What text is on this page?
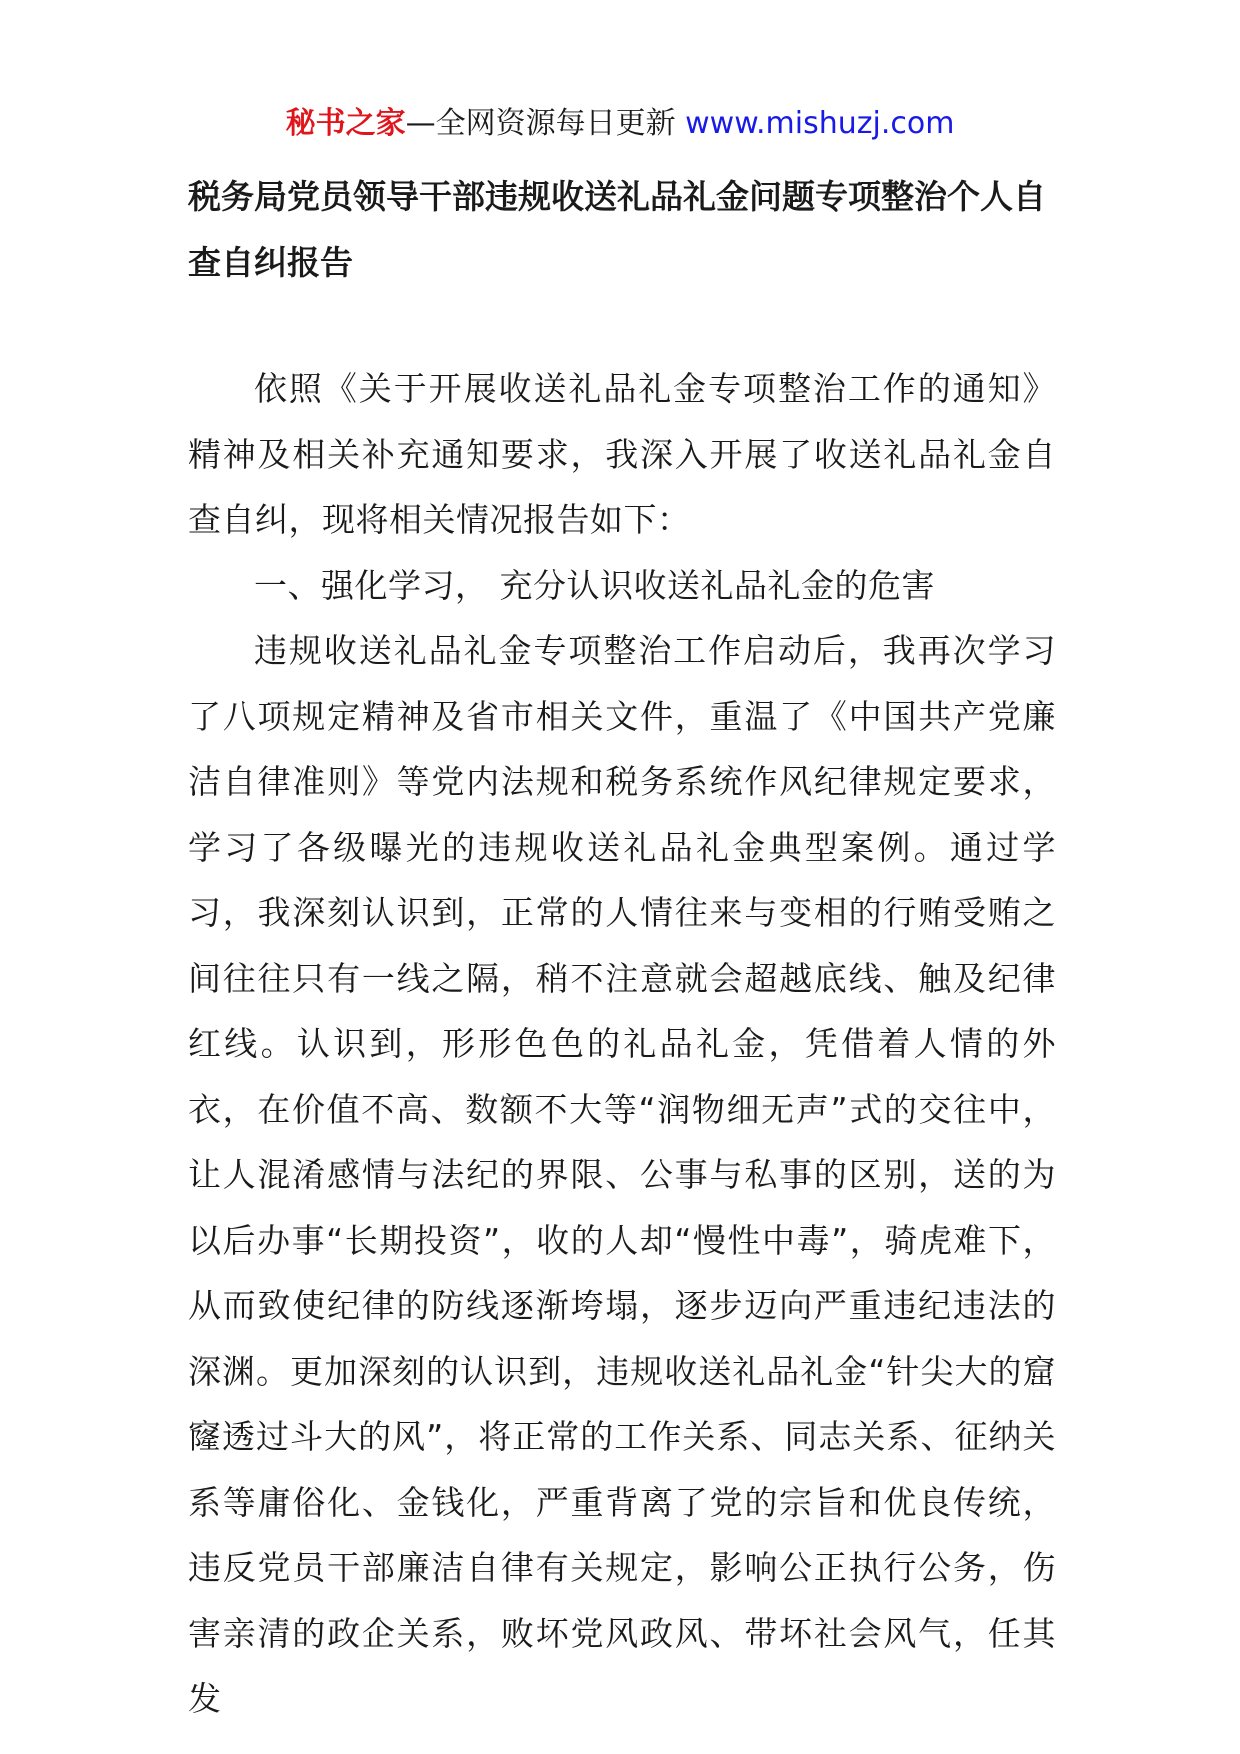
秘书之家—全网资源每日更新 www.mishuzj.com
税务局党员领导干部违规收送礼品礼金问题专项整治个人自查自纠报告

依照《关于开展收送礼品礼金专项整治工作的通知》精神及相关补充通知要求，我深入开展了收送礼品礼金自查自纠，现将相关情况报告如下：

一、强化学习， 充分认识收送礼品礼金的危害

违规收送礼品礼金专项整治工作启动后，我再次学习了八项规定精神及省市相关文件，重温了《中国共产党廉洁自律准则》等党内法规和税务系统作风纪律规定要求，学习了各级曝光的违规收送礼品礼金典型案例。通过学习，我深刻认识到，正常的人情往来与变相的行贿受贿之间往往只有一线之隔，稍不注意就会超越底线、触及纪律红线。认识到，形形色色的礼品礼金，凭借着人情的外衣，在价值不高、数额不大等“润物细无声”式的交往中，让人混淆感情与法纪的界限、公事与私事的区别，送的为以后办事“长期投资”，收的人却“慢性中毒”，骑虎难下，从而致使纪律的防线逐渐垮塌，逐步迈向严重违纪违法的深渊。更加深刻的认识到，违规收送礼品礼金“针尖大的窟窿透过斗大的风”，将正常的工作关系、同志关系、征纳关系等庸俗化、金钱化，严重背离了党的宗旨和优良传统，违反党员干部廉洁自律有关规定，影响公正执行公务，伤害亲清的政企关系，败坏党风政风、带坏社会风气，任其发
